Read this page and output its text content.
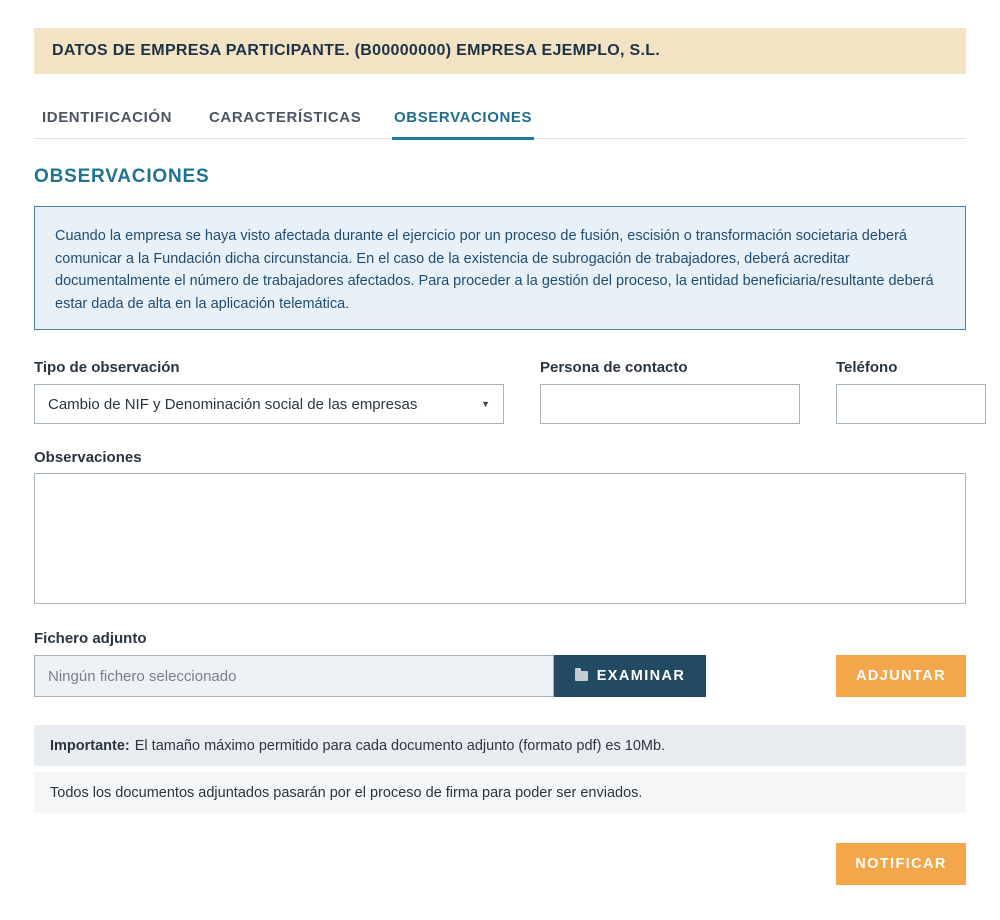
DATOS DE EMPRESA PARTICIPANTE. (B00000000) EMPRESA EJEMPLO, S.L.
IDENTIFICACIÓN CARACTERÍSTICAS OBSERVACIONES
OBSERVACIONES
Cuando la empresa se haya visto afectada durante el ejercicio por un proceso de fusión, escisión o transformación societaria deberá comunicar a la Fundación dicha circunstancia. En el caso de la existencia de subrogación de trabajadores, deberá acreditar documentalmente el número de trabajadores afectados. Para proceder a la gestión del proceso, la entidad beneficiaria/resultante deberá estar dada de alta en la aplicación telemática.
Tipo de observación	Persona de contacto	Teléfono
Cambio de NIF y Denominación social de las empresas	▼
Observaciones
Fichero adjunto
Ningún fichero seleccionado	EXAMINAR	ADJUNTAR
Importante: El tamaño máximo permitido para cada documento adjunto (formato pdf) es 10Mb.
Todos los documentos adjuntados pasarán por el proceso de firma para poder ser enviados.
NOTIFICAR
